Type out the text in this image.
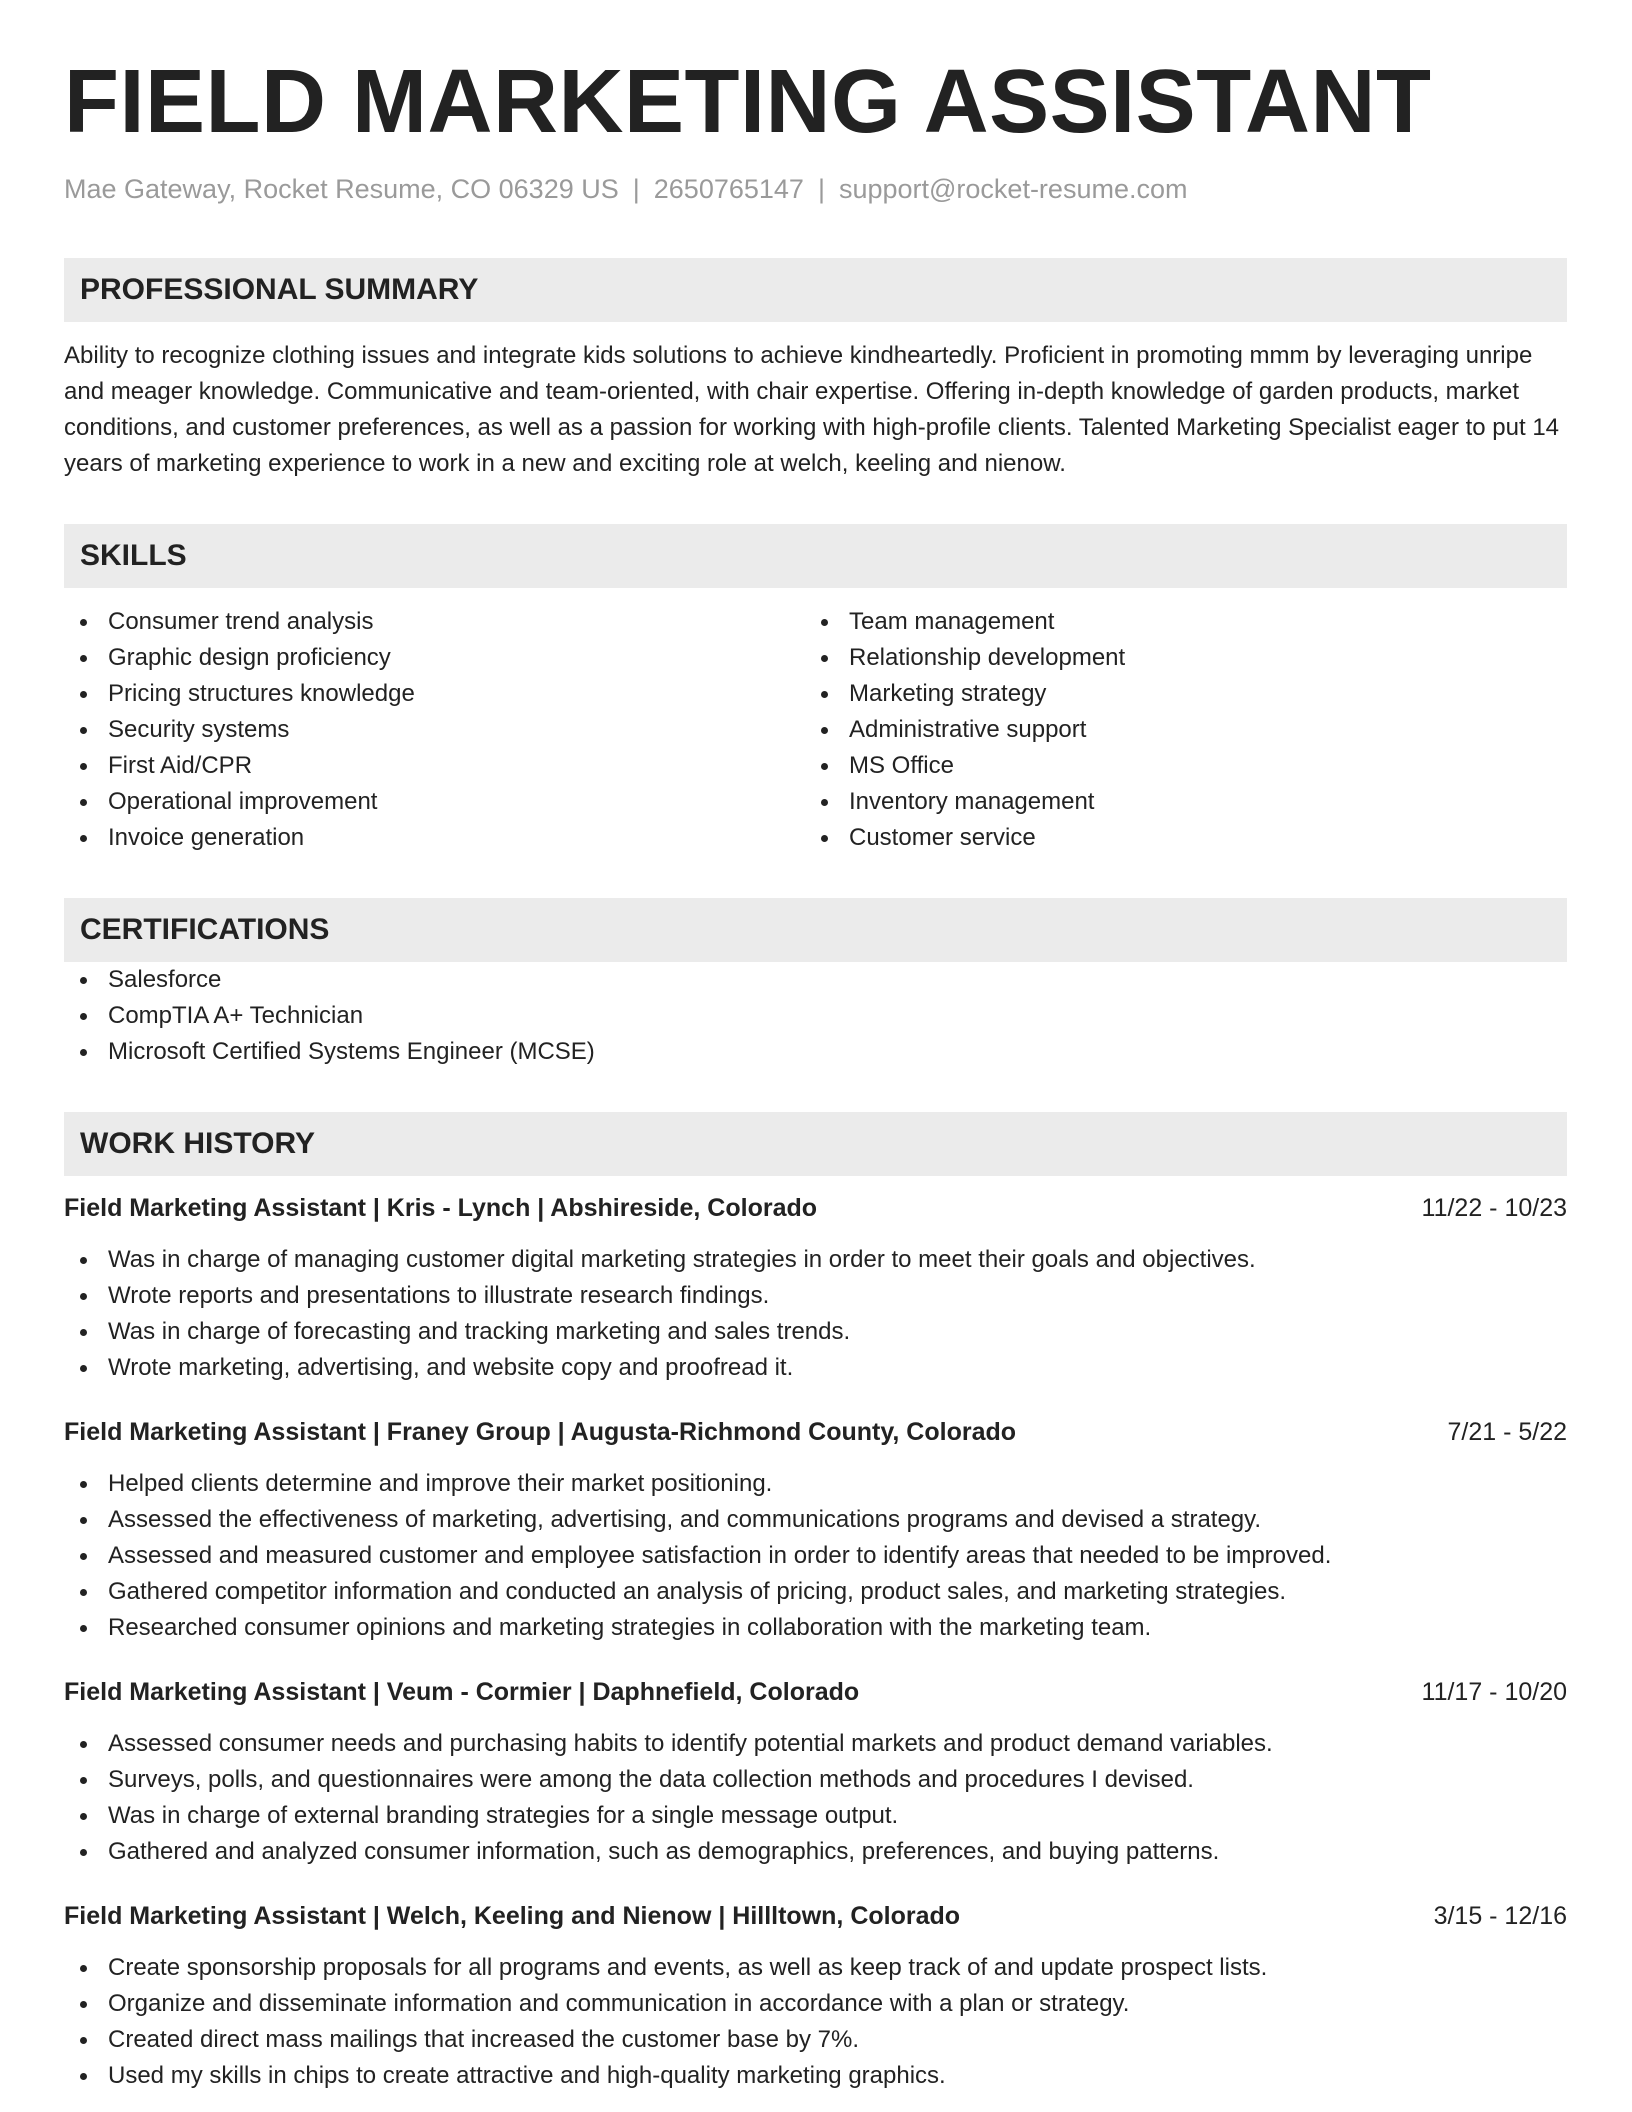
FIELD MARKETING ASSISTANT
Mae Gateway, Rocket Resume, CO 06329 US | 2650765147 | support@rocket-resume.com
PROFESSIONAL SUMMARY
Ability to recognize clothing issues and integrate kids solutions to achieve kindheartedly. Proficient in promoting mmm by leveraging unripe and meager knowledge. Communicative and team-oriented, with chair expertise. Offering in-depth knowledge of garden products, market conditions, and customer preferences, as well as a passion for working with high-profile clients. Talented Marketing Specialist eager to put 14 years of marketing experience to work in a new and exciting role at welch, keeling and nienow.
SKILLS
Consumer trend analysis
Graphic design proficiency
Pricing structures knowledge
Security systems
First Aid/CPR
Operational improvement
Invoice generation
Team management
Relationship development
Marketing strategy
Administrative support
MS Office
Inventory management
Customer service
CERTIFICATIONS
Salesforce
CompTIA A+ Technician
Microsoft Certified Systems Engineer (MCSE)
WORK HISTORY
Field Marketing Assistant | Kris - Lynch | Abshireside, Colorado	11/22 - 10/23
Was in charge of managing customer digital marketing strategies in order to meet their goals and objectives.
Wrote reports and presentations to illustrate research findings.
Was in charge of forecasting and tracking marketing and sales trends.
Wrote marketing, advertising, and website copy and proofread it.
Field Marketing Assistant | Franey Group | Augusta-Richmond County, Colorado	7/21 - 5/22
Helped clients determine and improve their market positioning.
Assessed the effectiveness of marketing, advertising, and communications programs and devised a strategy.
Assessed and measured customer and employee satisfaction in order to identify areas that needed to be improved.
Gathered competitor information and conducted an analysis of pricing, product sales, and marketing strategies.
Researched consumer opinions and marketing strategies in collaboration with the marketing team.
Field Marketing Assistant | Veum - Cormier | Daphnefield, Colorado	11/17 - 10/20
Assessed consumer needs and purchasing habits to identify potential markets and product demand variables.
Surveys, polls, and questionnaires were among the data collection methods and procedures I devised.
Was in charge of external branding strategies for a single message output.
Gathered and analyzed consumer information, such as demographics, preferences, and buying patterns.
Field Marketing Assistant | Welch, Keeling and Nienow | Hillltown, Colorado	3/15 - 12/16
Create sponsorship proposals for all programs and events, as well as keep track of and update prospect lists.
Organize and disseminate information and communication in accordance with a plan or strategy.
Created direct mass mailings that increased the customer base by 7%.
Used my skills in chips to create attractive and high-quality marketing graphics.
